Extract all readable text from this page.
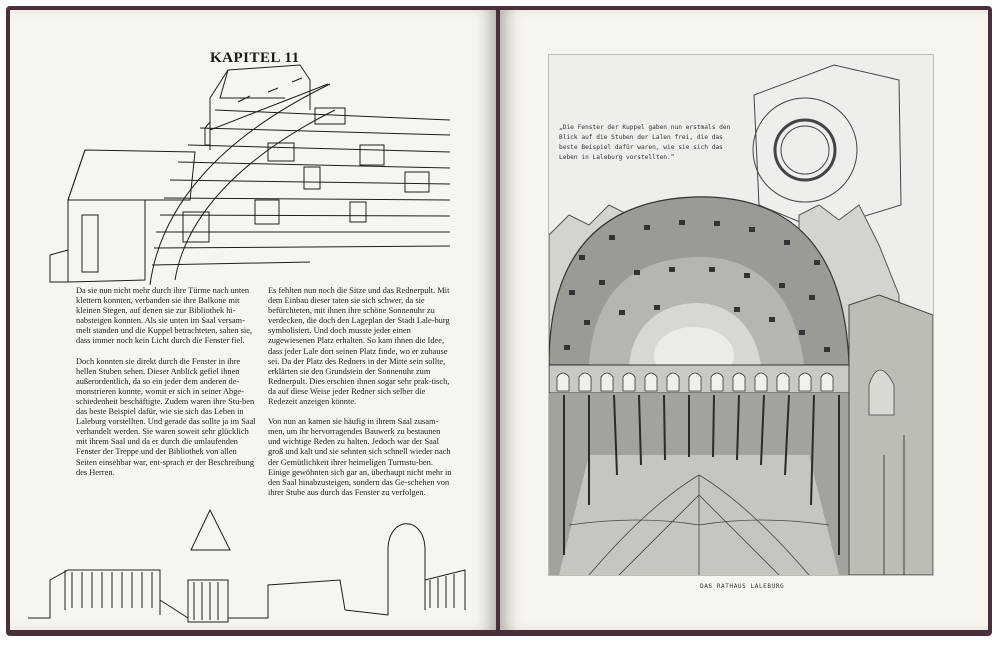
KAPITEL 11

Da sie nun nicht mehr durch ihre Türme nach unten klettern konnten, verbanden sie ihre Balkone mit kleinen Stegen, auf denen sie zur Bibliothek hi-nabsteigen konnten. Als sie unten im Saal versam-melt standen und die Kuppel betrachteten, sahen sie, dass immer noch kein Licht durch die Fenster fiel.

Doch konnten sie direkt durch die Fenster in ihre hellen Stuben sehen. Dieser Anblick gefiel ihnen außerordentlich, da so ein jeder dem anderen de-monstrieren konnte, womit er sich in seiner Abge-schiedenheit beschäftigte. Zudem waren ihre Stu-ben das beste Beispiel dafür, wie sie sich das Leben in Laleburg vorstellten. Und gerade das sollte ja im Saal verhandelt werden. Sie waren soweit sehr glücklich mit ihrem Saal und da er durch die umlaufenden Fenster der Treppe und der Bibliothek von allen Seiten einsehbar war, ent-sprach er der Beschreibung des Herren.

Es fehlten nun noch die Sitze und das Rednerpult. Mit dem Einbau dieser taten sie sich schwer, da sie befürchteten, mit ihnen ihre schöne Sonnenuhr zu verdecken, die doch den Lageplan der Stadt Lale-burg symbolisiert. Und doch musste jeder einen zugewiesenen Platz erhalten. So kam ihnen die Idee, dass jeder Lale dort seinen Platz finde, wo er zuhause sei. Da der Platz des Redners in der Mitte sein sollte, erklärten sie den Grundstein der Sonnenuhr zum Rednerpult. Dies erschien ihnen sogar sehr prak-tisch, da auf diese Weise jeder Redner sich selber die Redezeit anzeigen könnte.

Von nun an kamen sie häufig in ihrem Saal zusam-men, um ihr hervorragendes Bauwerk zu bestaunen und wichtige Reden zu halten. Jedoch war der Saal groß und kalt und sie sehnten sich schnell wieder nach der Gemütlichkeit ihrer heimeligen Turmstu-ben. Einige gewöhnten sich gar an, überhaupt nicht mehr in den Saal hinabzusteigen, sondern das Ge-schehen von ihrer Stube aus durch das Fenster zu verfolgen.

„Die Fenster der Kuppel gaben nun erstmals den Blick auf die Stuben der Lalen frei, die das beste Beispiel dafür waren, wie sie sich das Leben in Laleburg vorstellten.“
DAS RATHAUS LALEBURG
